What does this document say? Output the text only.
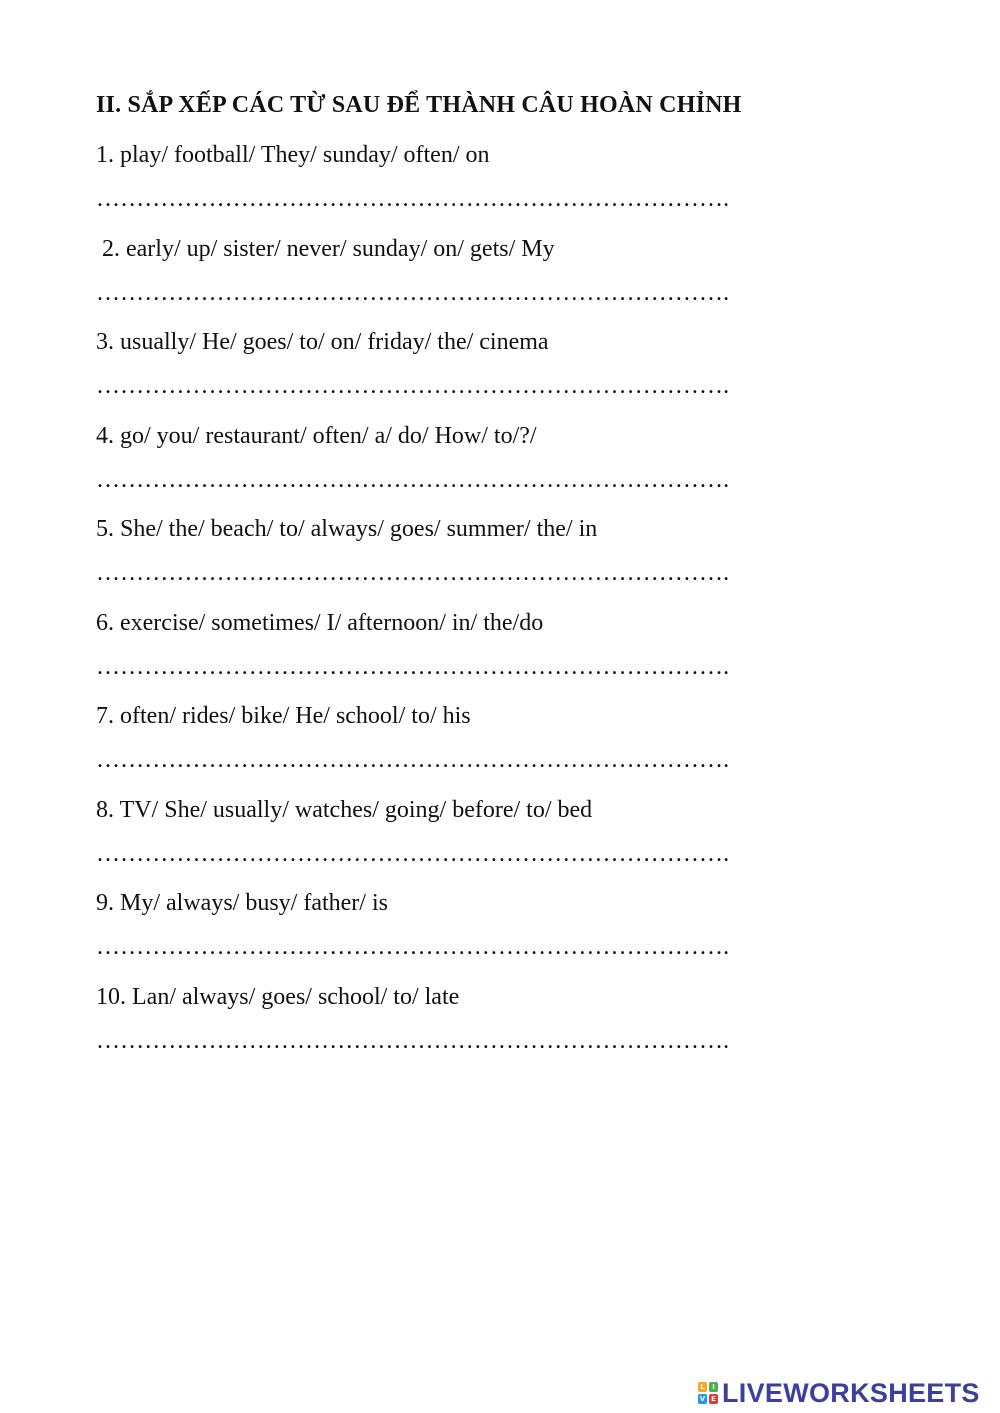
II. SẮP XẾP CÁC TỪ SAU ĐỂ THÀNH CÂU HOÀN CHỈNH
1. play/ football/ They/ sunday/ often/ on
…………………………………………………………………….
2. early/ up/ sister/ never/ sunday/ on/ gets/ My
…………………………………………………………………….
3. usually/ He/ goes/ to/ on/ friday/ the/ cinema
…………………………………………………………………….
4. go/ you/ restaurant/ often/ a/ do/ How/ to/?/
…………………………………………………………………….
5. She/ the/ beach/ to/ always/ goes/ summer/ the/ in
…………………………………………………………………….
6. exercise/ sometimes/ I/ afternoon/ in/ the/do
…………………………………………………………………….
7. often/ rides/ bike/ He/ school/ to/ his
…………………………………………………………………….
8. TV/ She/ usually/ watches/ going/ before/ to/ bed
…………………………………………………………………….
9. My/ always/ busy/ father/ is
…………………………………………………………………….
10. Lan/ always/ goes/ school/ to/ late
…………………………………………………………………….
L	I
V E LIVEWORKSHEETS
